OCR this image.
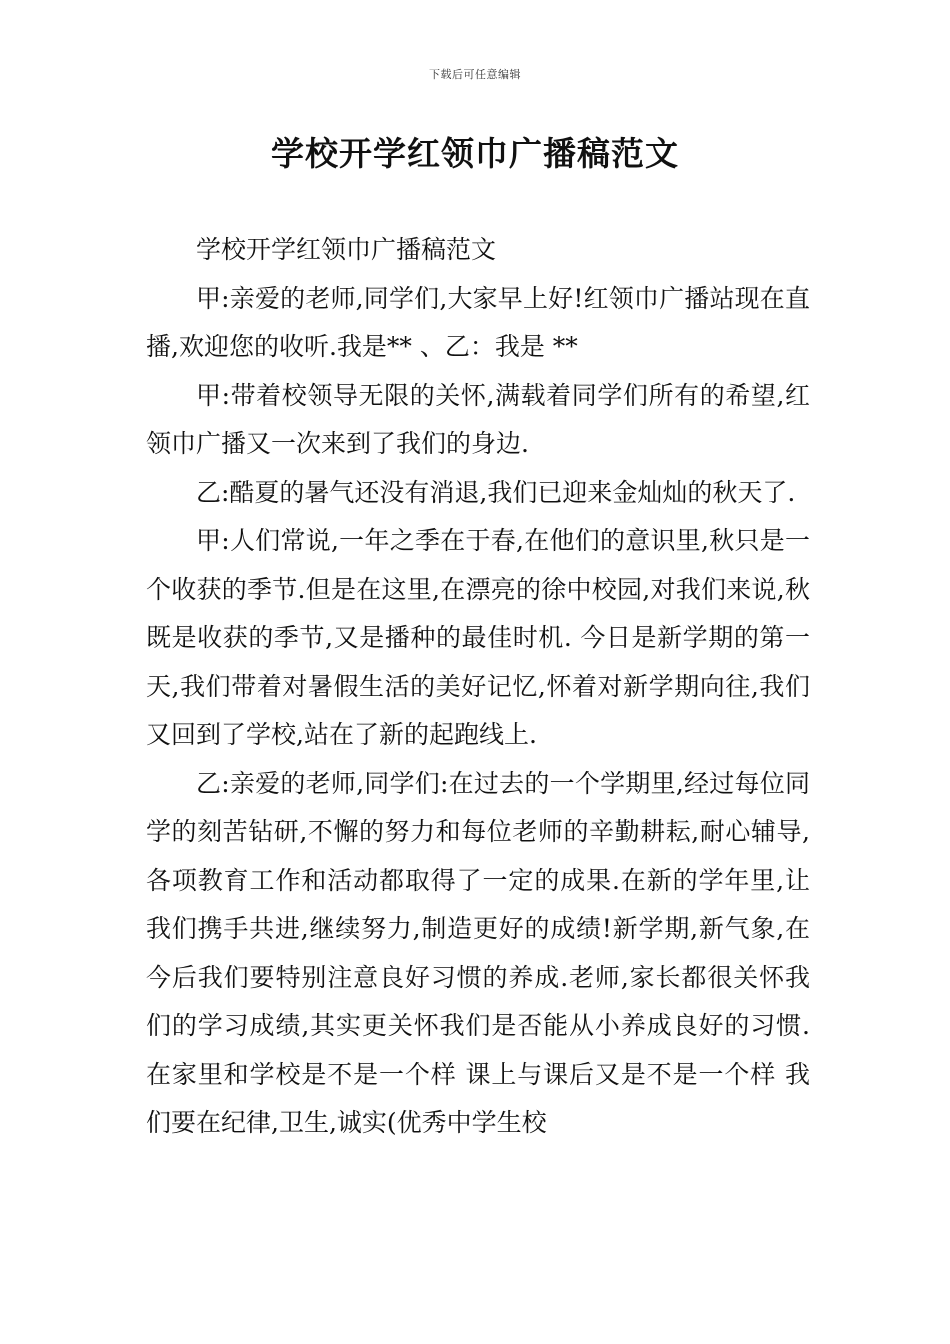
下载后可任意编辑
学校开学红领巾广播稿范文

学校开学红领巾广播稿范文

甲:亲爱的老师,同学们,大家早上好!红领巾广播站现在直播,欢迎您的收听.我是** 、乙：我是 **

甲:带着校领导无限的关怀,满载着同学们所有的希望,红领巾广播又一次来到了我们的身边.

乙:酷夏的暑气还没有消退,我们已迎来金灿灿的秋天了.

甲:人们常说,一年之季在于春,在他们的意识里,秋只是一个收获的季节.但是在这里,在漂亮的徐中校园,对我们来说,秋既是收获的季节,又是播种的最佳时机. 今日是新学期的第一天,我们带着对暑假生活的美好记忆,怀着对新学期向往,我们又回到了学校,站在了新的起跑线上.

乙:亲爱的老师,同学们:在过去的一个学期里,经过每位同学的刻苦钻研,不懈的努力和每位老师的辛勤耕耘,耐心辅导,各项教育工作和活动都取得了一定的成果.在新的学年里,让我们携手共进,继续努力,制造更好的成绩!新学期,新气象,在今后我们要特别注意良好习惯的养成.老师,家长都很关怀我们的学习成绩,其实更关怀我们是否能从小养成良好的习惯.在家里和学校是不是一个样 课上与课后又是不是一个样 我们要在纪律,卫生,诚实(优秀中学生校
